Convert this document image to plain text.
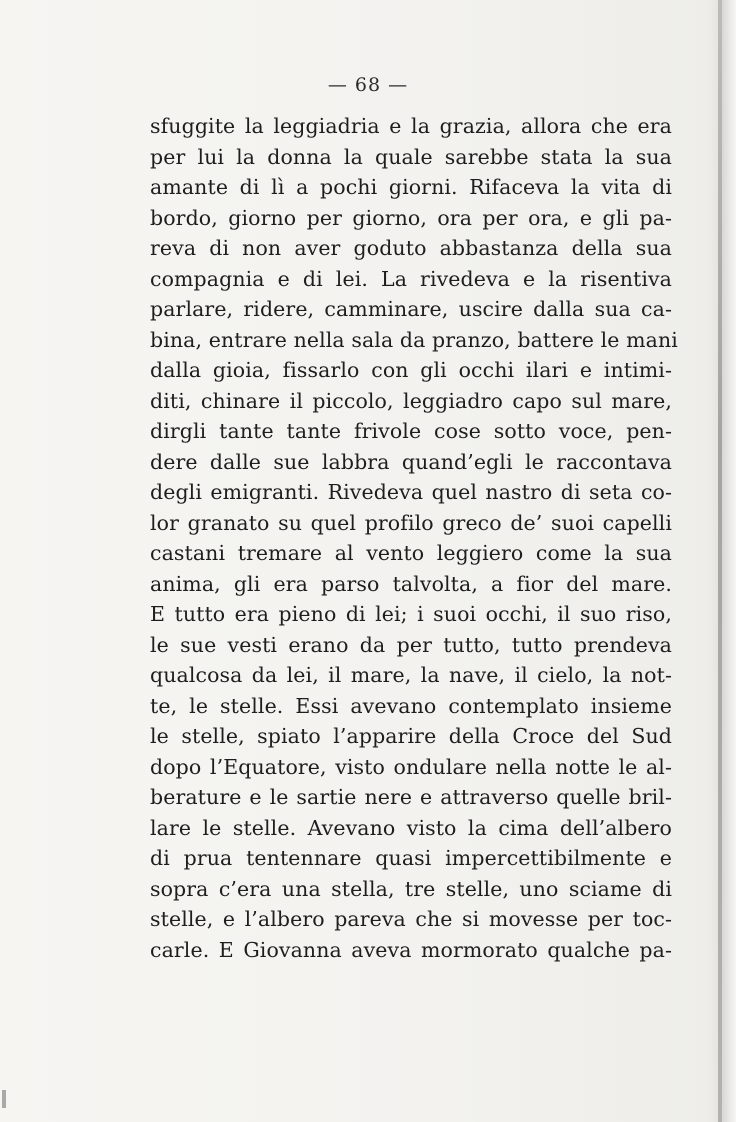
— 68 —
sfuggite la leggiadria e la grazia, allora che era
per lui la donna la quale sarebbe stata la sua
amante di lì a pochi giorni. Rifaceva la vita di
bordo, giorno per giorno, ora per ora, e gli pa-
reva di non aver goduto abbastanza della sua
compagnia e di lei. La rivedeva e la risentiva
parlare, ridere, camminare, uscire dalla sua ca-
bina, entrare nella sala da pranzo, battere le mani
dalla gioia, fissarlo con gli occhi ilari e intimi-
diti, chinare il piccolo, leggiadro capo sul mare,
dirgli tante tante frivole cose sotto voce, pen-
dere dalle sue labbra quand’egli le raccontava
degli emigranti. Rivedeva quel nastro di seta co-
lor granato su quel profilo greco de’ suoi capelli
castani tremare al vento leggiero come la sua
anima, gli era parso talvolta, a fior del mare.
E tutto era pieno di lei; i suoi occhi, il suo riso,
le sue vesti erano da per tutto, tutto prendeva
qualcosa da lei, il mare, la nave, il cielo, la not-
te, le stelle. Essi avevano contemplato insieme
le stelle, spiato l’apparire della Croce del Sud
dopo l’Equatore, visto ondulare nella notte le al-
berature e le sartie nere e attraverso quelle bril-
lare le stelle. Avevano visto la cima dell’albero
di prua tentennare quasi impercettibilmente e
sopra c’era una stella, tre stelle, uno sciame di
stelle, e l’albero pareva che si movesse per toc-
carle. E Giovanna aveva mormorato qualche pa-
